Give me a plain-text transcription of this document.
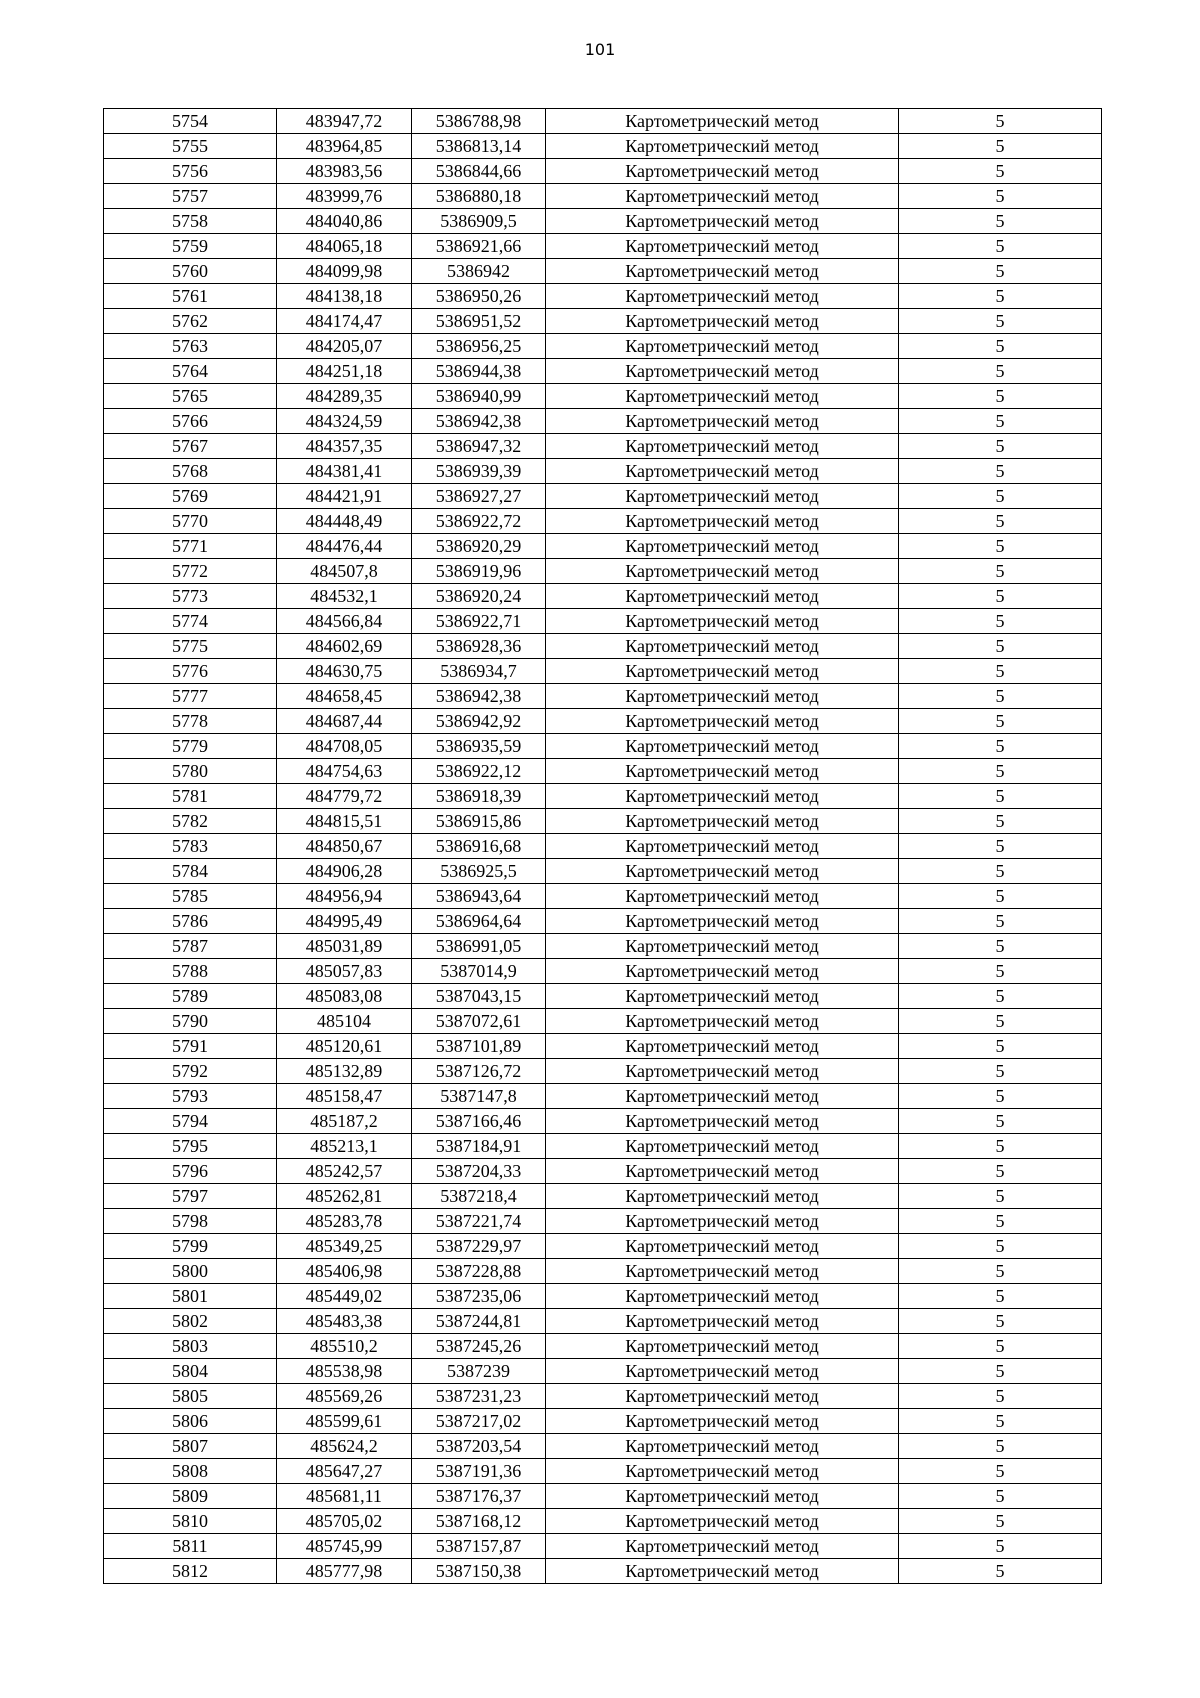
101
5754	483947,72	5386788,98	Картометрический метод	5
5755	483964,85	5386813,14	Картометрический метод	5
5756	483983,56	5386844,66	Картометрический метод	5
5757	483999,76	5386880,18	Картометрический метод	5
5758	484040,86	5386909,5	Картометрический метод	5
5759	484065,18	5386921,66	Картометрический метод	5
5760	484099,98	5386942	Картометрический метод	5
5761	484138,18	5386950,26	Картометрический метод	5
5762	484174,47	5386951,52	Картометрический метод	5
5763	484205,07	5386956,25	Картометрический метод	5
5764	484251,18	5386944,38	Картометрический метод	5
5765	484289,35	5386940,99	Картометрический метод	5
5766	484324,59	5386942,38	Картометрический метод	5
5767	484357,35	5386947,32	Картометрический метод	5
5768	484381,41	5386939,39	Картометрический метод	5
5769	484421,91	5386927,27	Картометрический метод	5
5770	484448,49	5386922,72	Картометрический метод	5
5771	484476,44	5386920,29	Картометрический метод	5
5772	484507,8	5386919,96	Картометрический метод	5
5773	484532,1	5386920,24	Картометрический метод	5
5774	484566,84	5386922,71	Картометрический метод	5
5775	484602,69	5386928,36	Картометрический метод	5
5776	484630,75	5386934,7	Картометрический метод	5
5777	484658,45	5386942,38	Картометрический метод	5
5778	484687,44	5386942,92	Картометрический метод	5
5779	484708,05	5386935,59	Картометрический метод	5
5780	484754,63	5386922,12	Картометрический метод	5
5781	484779,72	5386918,39	Картометрический метод	5
5782	484815,51	5386915,86	Картометрический метод	5
5783	484850,67	5386916,68	Картометрический метод	5
5784	484906,28	5386925,5	Картометрический метод	5
5785	484956,94	5386943,64	Картометрический метод	5
5786	484995,49	5386964,64	Картометрический метод	5
5787	485031,89	5386991,05	Картометрический метод	5
5788	485057,83	5387014,9	Картометрический метод	5
5789	485083,08	5387043,15	Картометрический метод	5
5790	485104	5387072,61	Картометрический метод	5
5791	485120,61	5387101,89	Картометрический метод	5
5792	485132,89	5387126,72	Картометрический метод	5
5793	485158,47	5387147,8	Картометрический метод	5
5794	485187,2	5387166,46	Картометрический метод	5
5795	485213,1	5387184,91	Картометрический метод	5
5796	485242,57	5387204,33	Картометрический метод	5
5797	485262,81	5387218,4	Картометрический метод	5
5798	485283,78	5387221,74	Картометрический метод	5
5799	485349,25	5387229,97	Картометрический метод	5
5800	485406,98	5387228,88	Картометрический метод	5
5801	485449,02	5387235,06	Картометрический метод	5
5802	485483,38	5387244,81	Картометрический метод	5
5803	485510,2	5387245,26	Картометрический метод	5
5804	485538,98	5387239	Картометрический метод	5
5805	485569,26	5387231,23	Картометрический метод	5
5806	485599,61	5387217,02	Картометрический метод	5
5807	485624,2	5387203,54	Картометрический метод	5
5808	485647,27	5387191,36	Картометрический метод	5
5809	485681,11	5387176,37	Картометрический метод	5
5810	485705,02	5387168,12	Картометрический метод	5
5811	485745,99	5387157,87	Картометрический метод	5
5812	485777,98	5387150,38	Картометрический метод	5
